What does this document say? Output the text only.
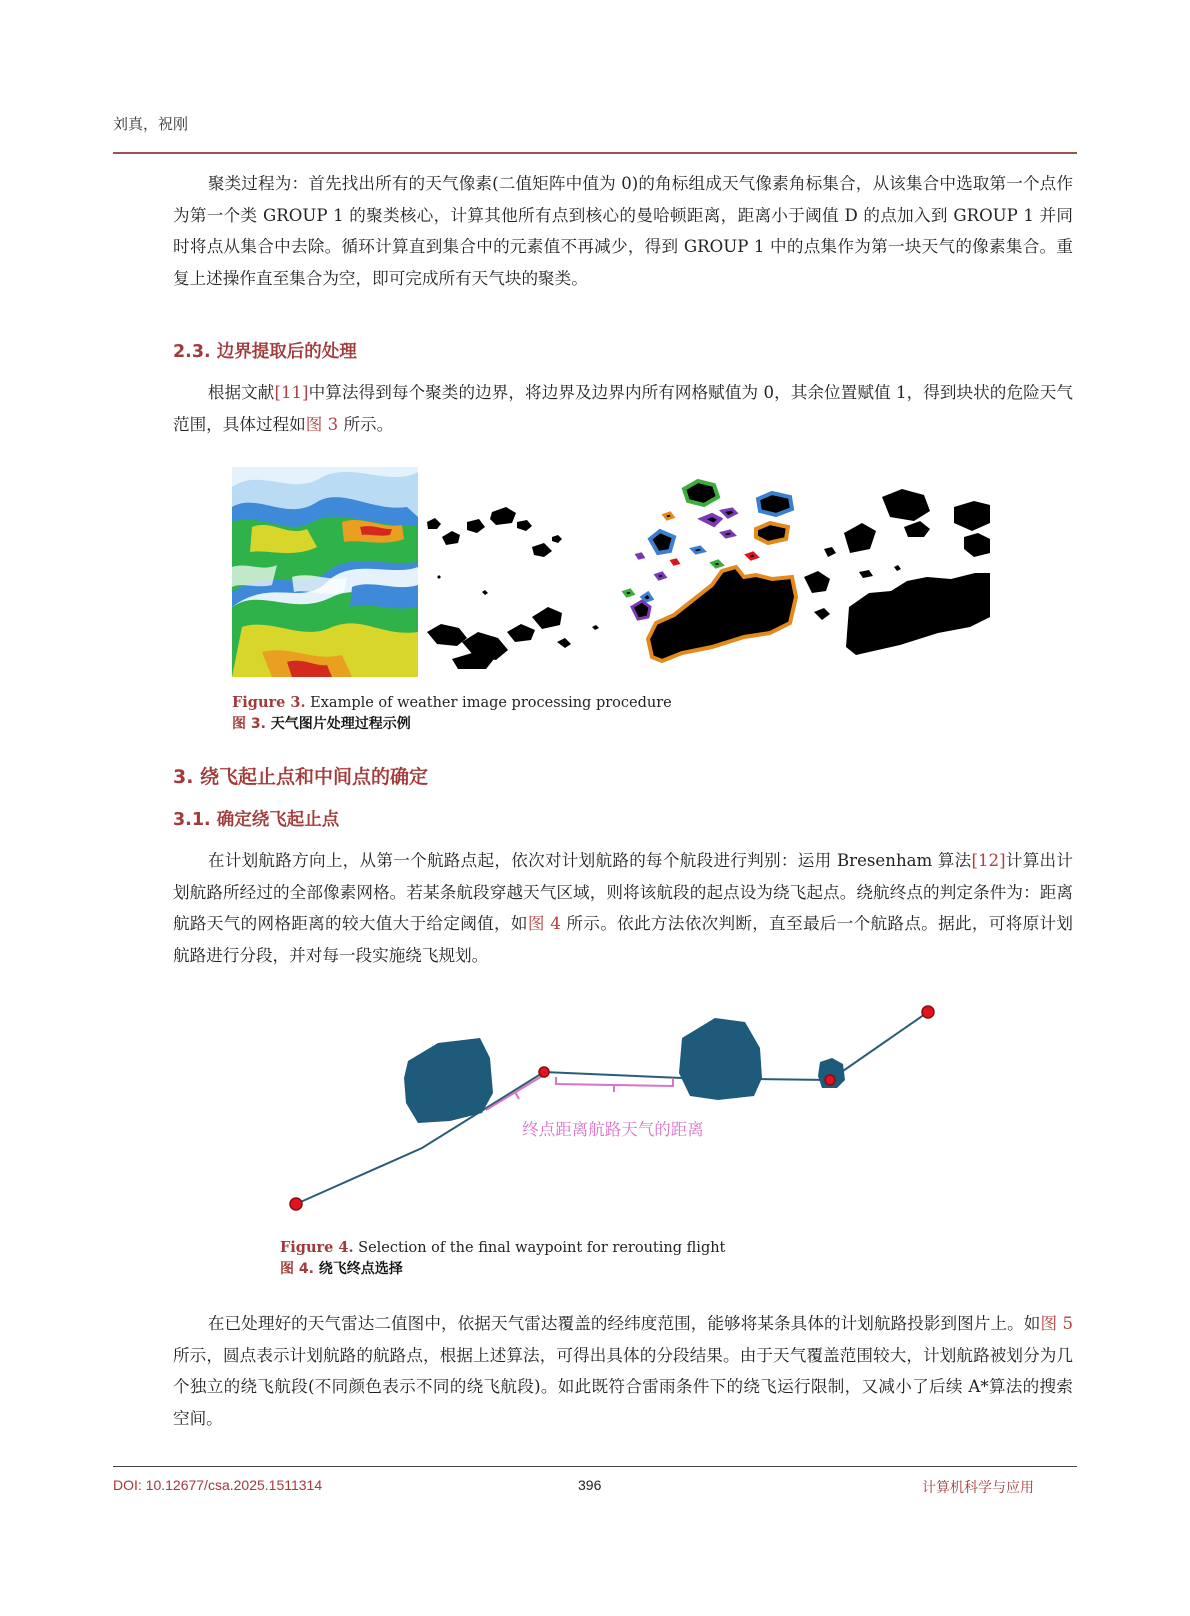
刘真，祝刚

聚类过程为：首先找出所有的天气像素(二值矩阵中值为 0)的角标组成天气像素角标集合，从该集合中选取第一个点作为第一个类 GROUP 1 的聚类核心，计算其他所有点到核心的曼哈顿距离，距离小于阈值 D 的点加入到 GROUP 1 并同时将点从集合中去除。循环计算直到集合中的元素值不再减少，得到 GROUP 1 中的点集作为第一块天气的像素集合。重复上述操作直至集合为空，即可完成所有天气块的聚类。

2.3. 边界提取后的处理

根据文献[11]中算法得到每个聚类的边界，将边界及边界内所有网格赋值为 0，其余位置赋值 1，得到块状的危险天气范围，具体过程如图 3 所示。

Figure 3. Example of weather image processing procedure
图 3. 天气图片处理过程示例
3. 绕飞起止点和中间点的确定
3.1. 确定绕飞起止点

在计划航路方向上，从第一个航路点起，依次对计划航路的每个航段进行判别：运用 Bresenham 算法[12]计算出计划航路所经过的全部像素网格。若某条航段穿越天气区域，则将该航段的起点设为绕飞起点。绕航终点的判定条件为：距离航路天气的网格距离的较大值大于给定阈值，如图 4 所示。依此方法依次判断，直至最后一个航路点。据此，可将原计划航路进行分段，并对每一段实施绕飞规划。

终点距离航路天气的距离
Figure 4. Selection of the final waypoint for rerouting flight
图 4. 绕飞终点选择

在已处理好的天气雷达二值图中，依据天气雷达覆盖的经纬度范围，能够将某条具体的计划航路投影到图片上。如图 5 所示，圆点表示计划航路的航路点，根据上述算法，可得出具体的分段结果。由于天气覆盖范围较大，计划航路被划分为几个独立的绕飞航段(不同颜色表示不同的绕飞航段)。如此既符合雷雨条件下的绕飞运行限制，又减小了后续 A*算法的搜索空间。

DOI: 10.12677/csa.2025.1511314	396	计算机科学与应用
